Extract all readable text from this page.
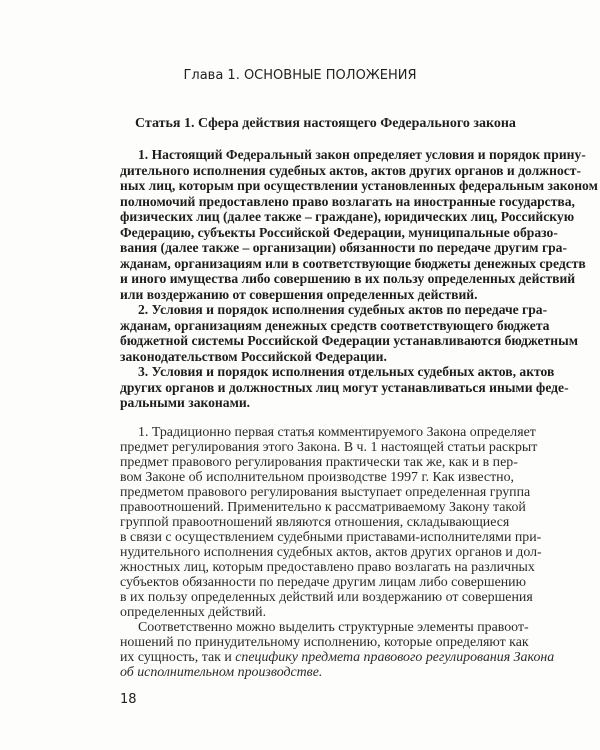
Глава 1. ОСНОВНЫЕ ПОЛОЖЕНИЯ
Статья 1. Сфера действия настоящего Федерального закона
1. Настоящий Федеральный закон определяет условия и порядок прину-
дительного исполнения судебных актов, актов других органов и должност-
ных лиц, которым при осуществлении установленных федеральным законом
полномочий предоставлено право возлагать на иностранные государства,
физических лиц (далее также – граждане), юридических лиц, Российскую
Федерацию, субъекты Российской Федерации, муниципальные образо-
вания (далее также – организации) обязанности по передаче другим гра-
жданам, организациям или в соответствующие бюджеты денежных средств
и иного имущества либо совершению в их пользу определенных действий
или воздержанию от совершения определенных действий.
2. Условия и порядок исполнения судебных актов по передаче гра-
жданам, организациям денежных средств соответствующего бюджета
бюджетной системы Российской Федерации устанавливаются бюджетным
законодательством Российской Федерации.
3. Условия и порядок исполнения отдельных судебных актов, актов
других органов и должностных лиц могут устанавливаться иными феде-
ральными законами.
1. Традиционно первая статья комментируемого Закона определяет
предмет регулирования этого Закона. В ч. 1 настоящей статьи раскрыт
предмет правового регулирования практически так же, как и в пер-
вом Законе об исполнительном производстве 1997 г. Как известно,
предметом правового регулирования выступает определенная группа
правоотношений. Применительно к рассматриваемому Закону такой
группой правоотношений являются отношения, складывающиеся
в связи с осуществлением судебными приставами-исполнителями при-
нудительного исполнения судебных актов, актов других органов и дол-
жностных лиц, которым предоставлено право возлагать на различных
субъектов обязанности по передаче другим лицам либо совершению
в их пользу определенных действий или воздержанию от совершения
определенных действий.
Соответственно можно выделить структурные элементы правоот-
ношений по принудительному исполнению, которые определяют как
их сущность, так и специфику предмета правового регулирования Закона
об исполнительном производстве.
18
